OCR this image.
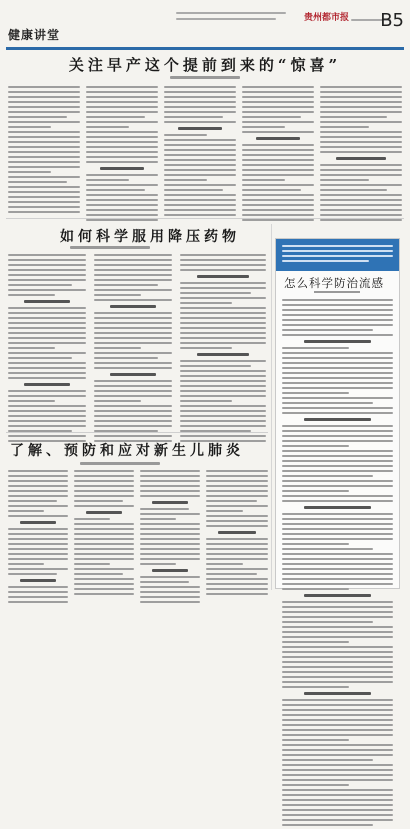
健康讲堂
贵州都市报 B5
关注早产这个提前到来的“惊喜”
如何科学服用降压药物
了解、预防和应对新生儿肺炎
怎么科学防治流感
